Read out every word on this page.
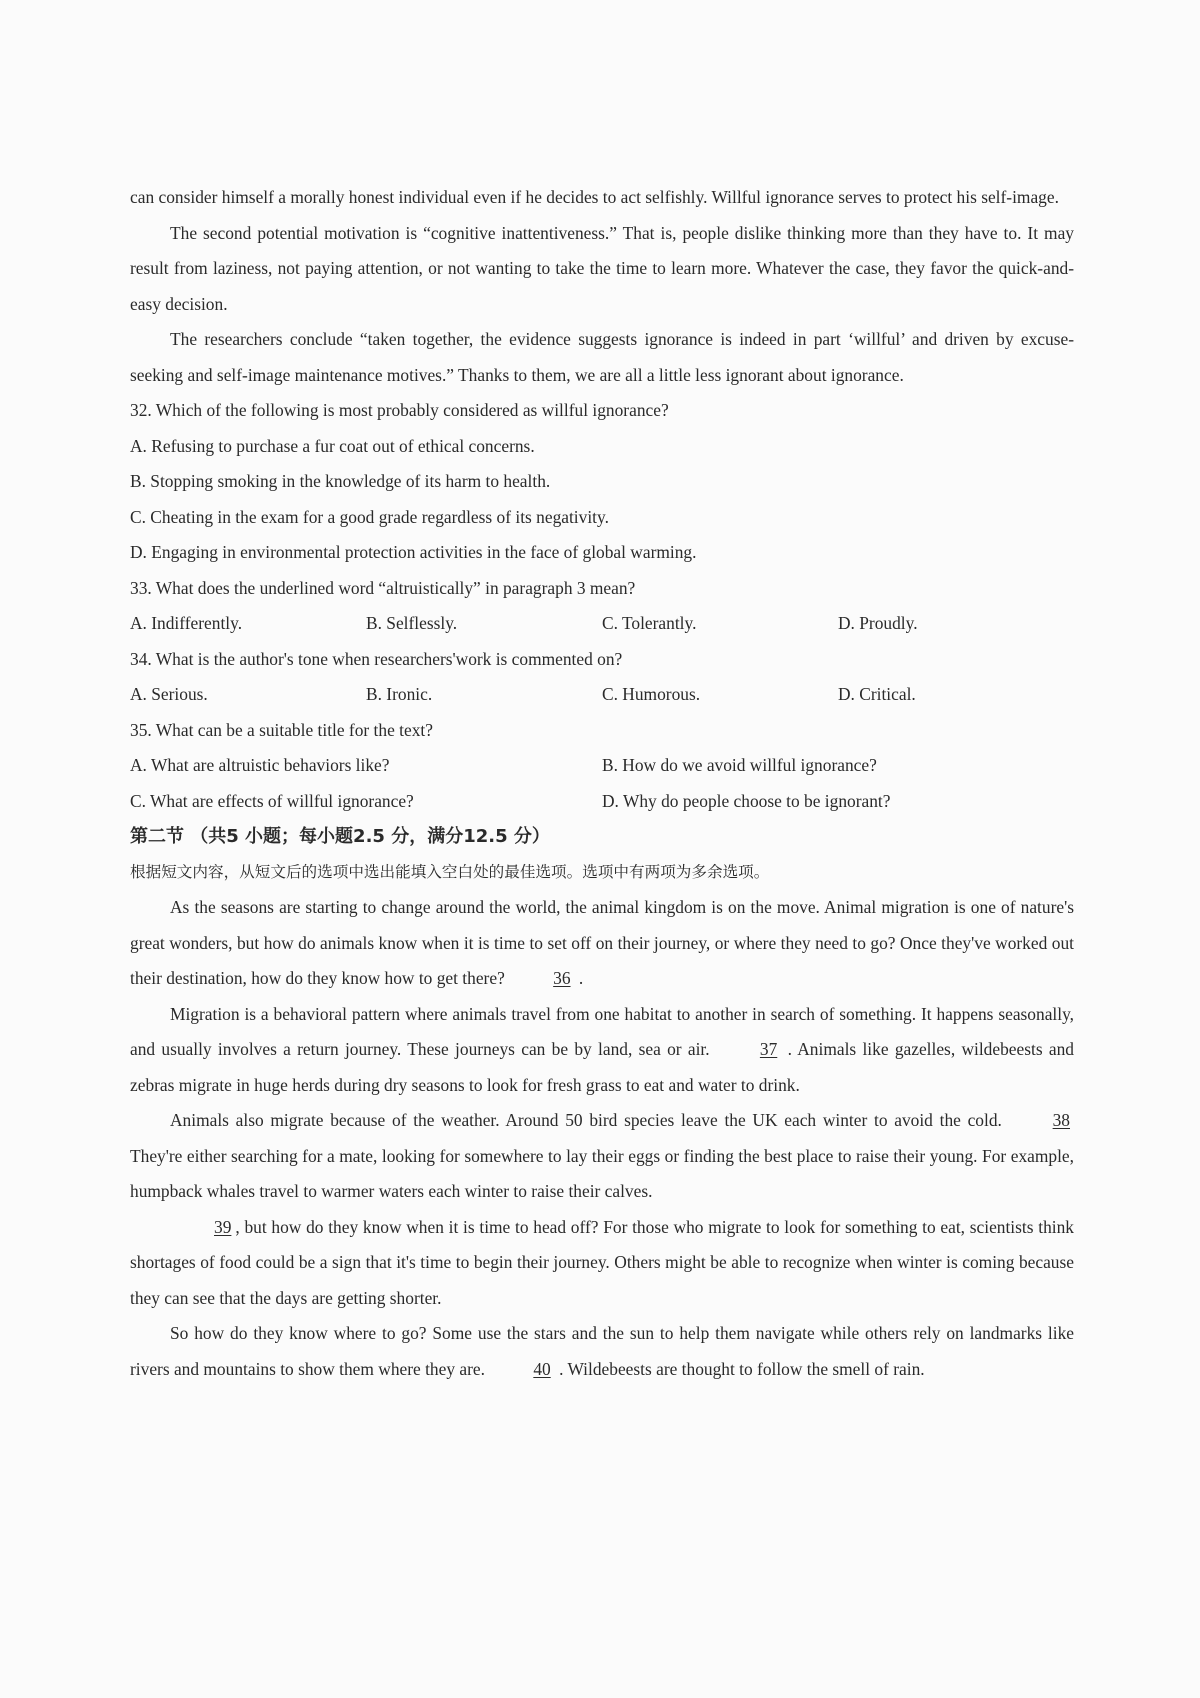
can consider himself a morally honest individual even if he decides to act selfishly. Willful ignorance serves to protect his self-image.

The second potential motivation is “cognitive inattentiveness.” That is, people dislike thinking more than they have to. It may result from laziness, not paying attention, or not wanting to take the time to learn more. Whatever the case, they favor the quick-and-easy decision.

The researchers conclude “taken together, the evidence suggests ignorance is indeed in part ‘willful’ and driven by excuse-seeking and self-image maintenance motives.” Thanks to them, we are all a little less ignorant about ignorance.

32. Which of the following is most probably considered as willful ignorance?

A. Refusing to purchase a fur coat out of ethical concerns.

B. Stopping smoking in the knowledge of its harm to health.

C. Cheating in the exam for a good grade regardless of its negativity.

D. Engaging in environmental protection activities in the face of global warming.

33. What does the underlined word “altruistically” in paragraph 3 mean?

A. Indifferently.	B. Selflessly.	C. Tolerantly.	D. Proudly.

34. What is the author's tone when researchers'work is commented on?

A. Serious.	B. Ironic.	C. Humorous.	D. Critical.

35. What can be a suitable title for the text?

A. What are altruistic behaviors like?	B. How do we avoid willful ignorance?
C. What are effects of willful ignorance?	D. Why do people choose to be ignorant?

第二节 （共5 小题；每小题2.5 分，满分12.5 分）

根据短文内容，从短文后的选项中选出能填入空白处的最佳选项。选项中有两项为多余选项。

As the seasons are starting to change around the world, the animal kingdom is on the move. Animal migration is one of nature's great wonders, but how do animals know when it is time to set off on their journey, or where they need to go? Once they've worked out their destination, how do they know how to get there?	36 .

Migration is a behavioral pattern where animals travel from one habitat to another in search of something. It happens seasonally, and usually involves a return journey. These journeys can be by land, sea or air.	37 . Animals like gazelles, wildebeests and zebras migrate in huge herds during dry seasons to look for fresh grass to eat and water to drink.

Animals also migrate because of the weather. Around 50 bird species leave the UK each winter to avoid the cold.	38 They're either searching for a mate, looking for somewhere to lay their eggs or finding the best place to raise their young. For example, humpback whales travel to warmer waters each winter to raise their calves.

39 , but how do they know when it is time to head off? For those who migrate to look for something to eat, scientists think shortages of food could be a sign that it's time to begin their journey. Others might be able to recognize when winter is coming because they can see that the days are getting shorter.

So how do they know where to go? Some use the stars and the sun to help them navigate while others rely on landmarks like rivers and mountains to show them where they are.	40 . Wildebeests are thought to follow the smell of rain.
